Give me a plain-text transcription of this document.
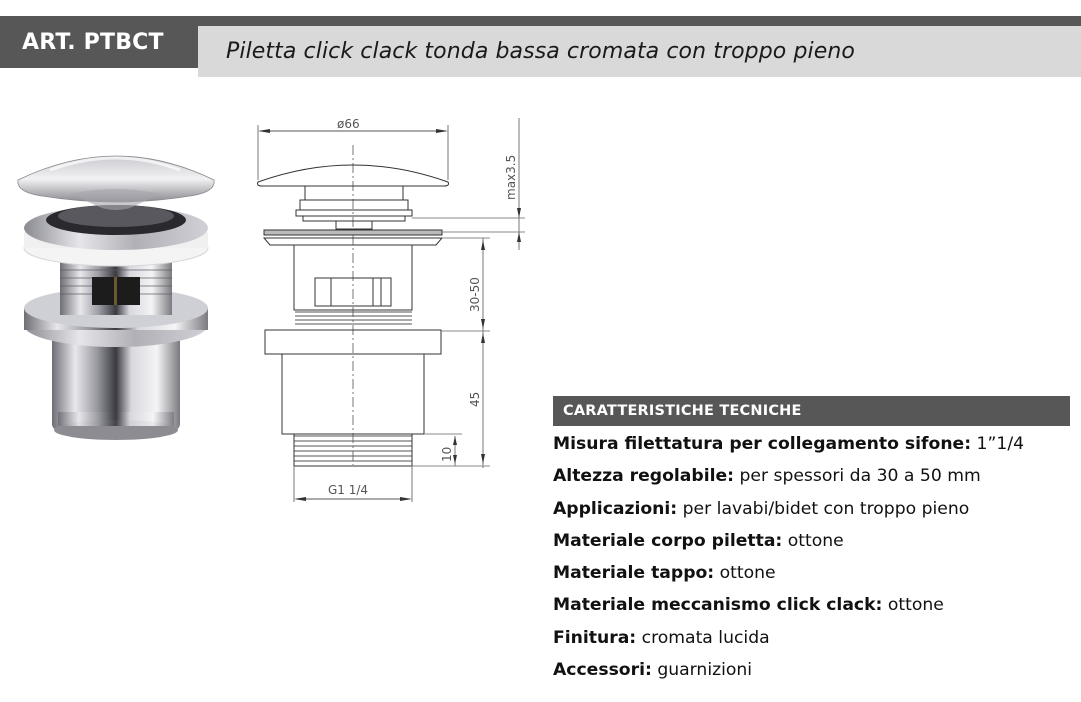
ART. PTBCT	Piletta click clack tonda bassa cromata con troppo pieno
ø66
G1 1/4
max3.5
30-50
45
10
CARATTERISTICHE TECNICHE
Misura filettatura per collegamento sifone: 1”1/4
Altezza regolabile: per spessori da 30 a 50 mm
Applicazioni: per lavabi/bidet con troppo pieno
Materiale corpo piletta: ottone
Materiale tappo: ottone
Materiale meccanismo click clack: ottone
Finitura: cromata lucida
Accessori: guarnizioni
